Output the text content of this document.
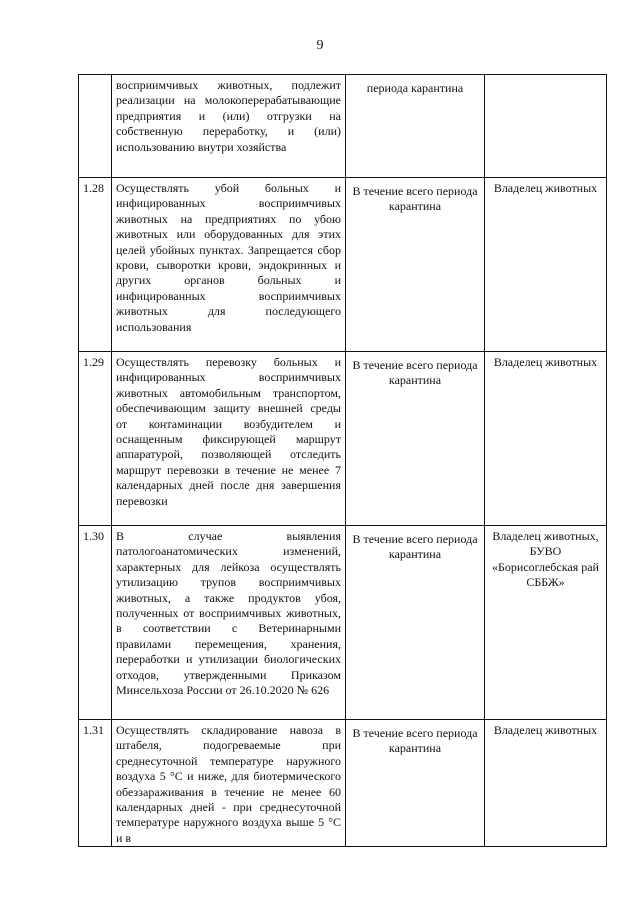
9

	восприимчивых животных, подлежит реализации на молокоперерабатывающие предприятия и (или) отгрузки на собственную переработку, и (или) использованию внутри хозяйства	периода карантина	

1.28	Осуществлять убой больных и инфицированных восприимчивых животных на предприятиях по убою животных или оборудованных для этих целей убойных пунктах. Запрещается сбор крови, сыворотки крови, эндокринных и других органов больных и инфицированных восприимчивых животных для последующего использования	В течение всего периода карантина	Владелец животных
1.29	Осуществлять перевозку больных и инфицированных восприимчивых животных автомобильным транспортом, обеспечивающим защиту внешней среды от контаминации возбудителем и оснащенным фиксирующей маршрут аппаратурой, позволяющей отследить маршрут перевозки в течение не менее 7 календарных дней после дня завершения перевозки	В течение всего периода карантина	Владелец животных
1.30	В случае выявления патологоанатомических изменений, характерных для лейкоза осуществлять утилизацию трупов восприимчивых животных, а также продуктов убоя, полученных от восприимчивых животных, в соответствии с Ветеринарными правилами перемещения, хранения, переработки и утилизации биологических отходов, утвержденными Приказом Минсельхоза России от 26.10.2020 № 626	В течение всего периода карантина	Владелец животных, БУВО «Борисоглебская рай СББЖ»
1.31	Осуществлять складирование навоза в штабеля, подогреваемые при среднесуточной температуре наружного воздуха 5 °С и ниже, для биотермического обеззараживания в течение не менее 60 календарных дней - при среднесуточной температуре наружного воздуха выше 5 °С и в	В течение всего периода карантина	Владелец животных
